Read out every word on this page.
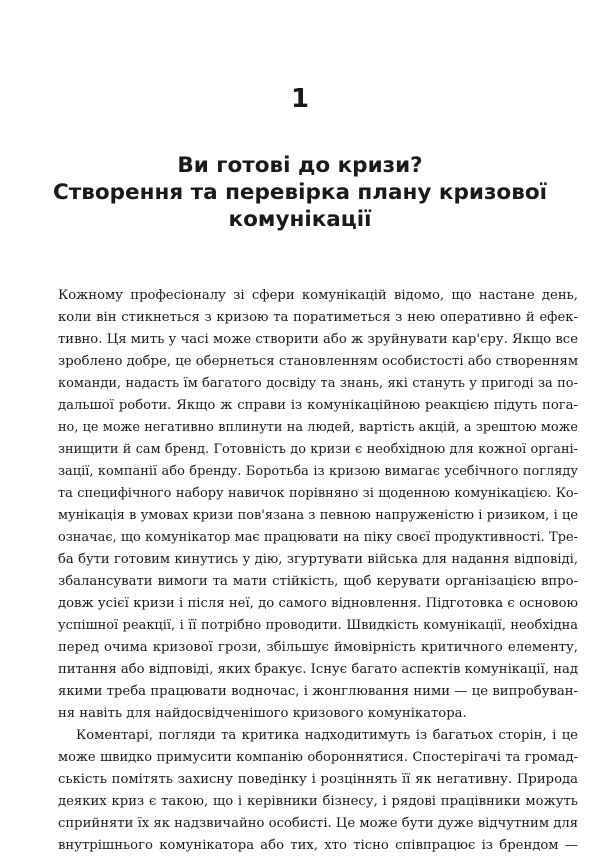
1
Ви готові до кризи?
Створення та перевірка плану кризової
комунікації
Кожному професіоналу зі сфери комунікацій відомо, що настане день,
коли він стикнеться з кризою та поратиметься з нею оперативно й ефек-
тивно. Ця мить у часі може створити або ж зруйнувати кар'єру. Якщо все
зроблено добре, це обернеться становленням особистості або створенням
команди, надасть їм багатого досвіду та знань, які стануть у пригоді за по-
дальшої роботи. Якщо ж справи із комунікаційною реакцією підуть пога-
но, це може негативно вплинути на людей, вартість акцій, а зрештою може
знищити й сам бренд. Готовність до кризи є необхідною для кожної органі-
зації, компанії або бренду. Боротьба із кризою вимагає усебічного погляду
та специфічного набору навичок порівняно зі щоденною комунікацією. Ко-
мунікація в умовах кризи пов'язана з певною напруженістю і ризиком, і це
означає, що комунікатор має працювати на піку своєї продуктивності. Тре-
ба бути готовим кинутись у дію, згуртувати війська для надання відповіді,
збалансувати вимоги та мати стійкість, щоб керувати організацією впро-
довж усієї кризи і після неї, до самого відновлення. Підготовка є основою
успішної реакції, і її потрібно проводити. Швидкість комунікації, необхідна
перед очима кризової грози, збільшує ймовірність критичного елементу,
питання або відповіді, яких бракує. Існує багато аспектів комунікації, над
якими треба працювати водночас, і жонглювання ними — це випробуван-
ня навіть для найдосвідченішого кризового комунікатора.
Коментарі, погляди та критика надходитимуть із багатьох сторін, і це
може швидко примусити компанію обороннятися. Спостерігачі та громад-
ськість помітять захисну поведінку і розціннять її як негативну. Природа
деяких криз є такою, що і керівники бізнесу, і рядові працівники можуть
сприйняти їх як надзвичайно особисті. Це може бути дуже відчутним для
внутрішнього комунікатора або тих, хто тісно співпрацює із брендом —
